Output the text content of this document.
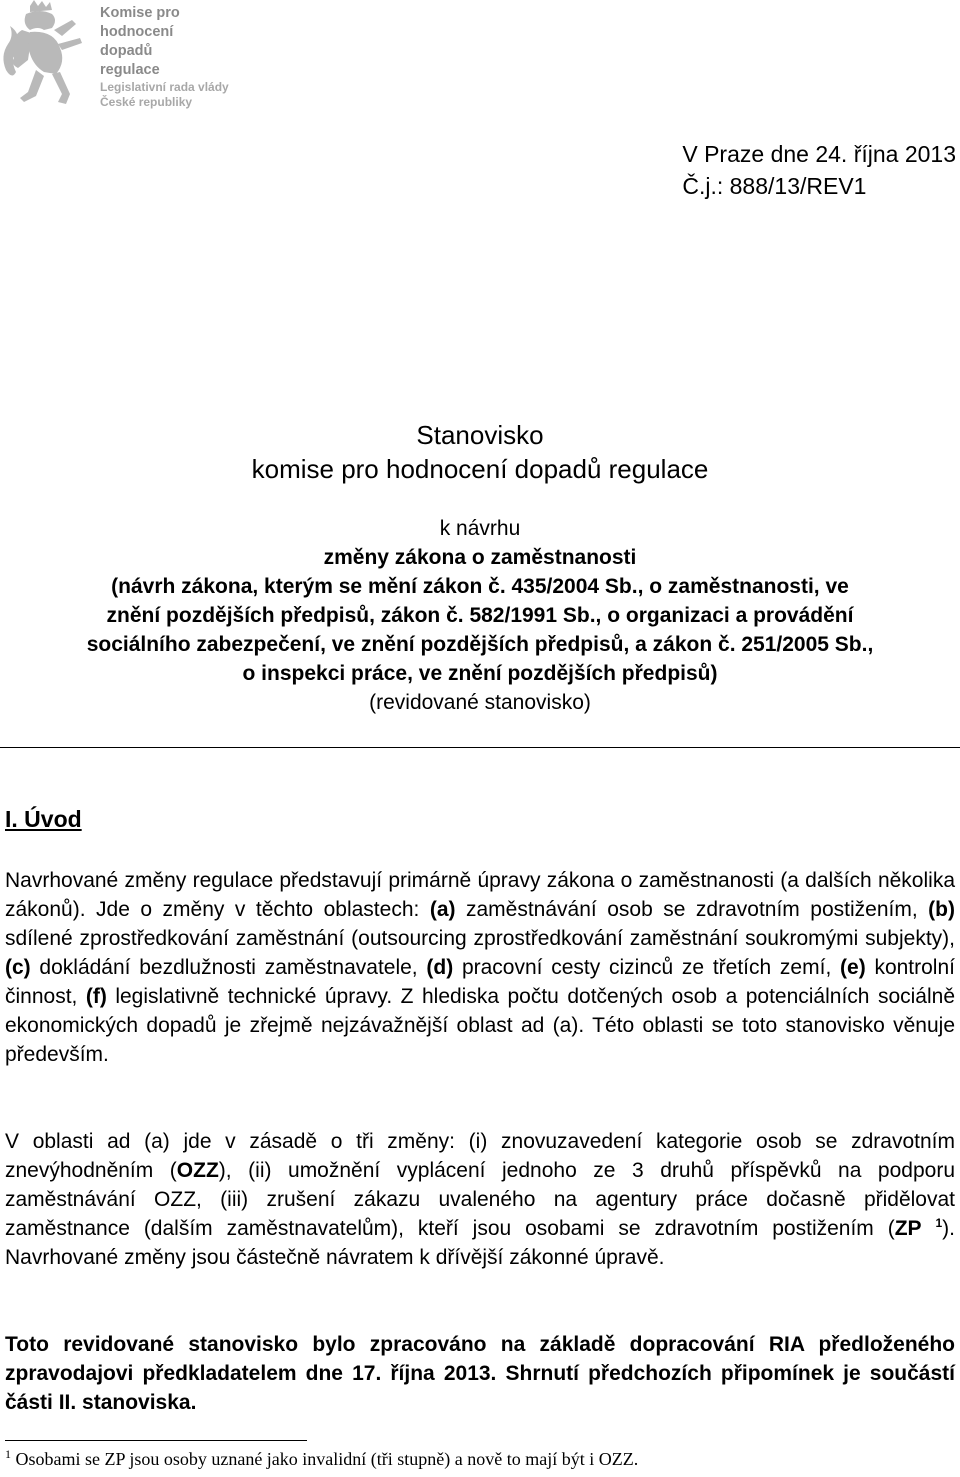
Komise pro
hodnocení
dopadů
regulace
Legislativní rada vlády
České republiky
V Praze dne 24. října 2013
Č.j.: 888/13/REV1
Stanovisko
komise pro hodnocení dopadů regulace
k návrhu
změny zákona o zaměstnanosti
(návrh zákona, kterým se mění zákon č. 435/2004 Sb., o zaměstnanosti, ve
znění pozdějších předpisů, zákon č. 582/1991 Sb., o organizaci a provádění
sociálního zabezpečení, ve znění pozdějších předpisů, a zákon č. 251/2005 Sb.,
o inspekci práce, ve znění pozdějších předpisů)
(revidované stanovisko)
I. Úvod
Navrhované změny regulace představují primárně úpravy zákona o zaměstnanosti (a dalších několika zákonů). Jde o změny v těchto oblastech: (a) zaměstnávání osob se zdravotním postižením, (b) sdílené zprostředkování zaměstnání (outsourcing zprostředkování zaměstnání soukromými subjekty), (c) dokládání bezdlužnosti zaměstnavatele, (d) pracovní cesty cizinců ze třetích zemí, (e) kontrolní činnost, (f) legislativně technické úpravy. Z hlediska počtu dotčených osob a potenciálních sociálně ekonomických dopadů je zřejmě nejzávažnější oblast ad (a). Této oblasti se toto stanovisko věnuje především.
V oblasti ad (a) jde v zásadě o tři změny: (i) znovuzavedení kategorie osob se zdravotním znevýhodněním (OZZ), (ii) umožnění vyplácení jednoho ze 3 druhů příspěvků na podporu zaměstnávání OZZ, (iii) zrušení zákazu uvaleného na agentury práce dočasně přidělovat zaměstnance (dalším zaměstnavatelům), kteří jsou osobami se zdravotním postižením (ZP $^1$). Navrhované změny jsou částečně návratem k dřívější zákonné úpravě.
Toto revidované stanovisko bylo zpracováno na základě dopracování RIA předloženého zpravodajovi předkladatelem dne 17. října 2013. Shrnutí předchozích připomínek je součástí části II. stanoviska.
$^1$ Osobami se ZP jsou osoby uznané jako invalidní (tři stupně) a nově to mají být i OZZ.
